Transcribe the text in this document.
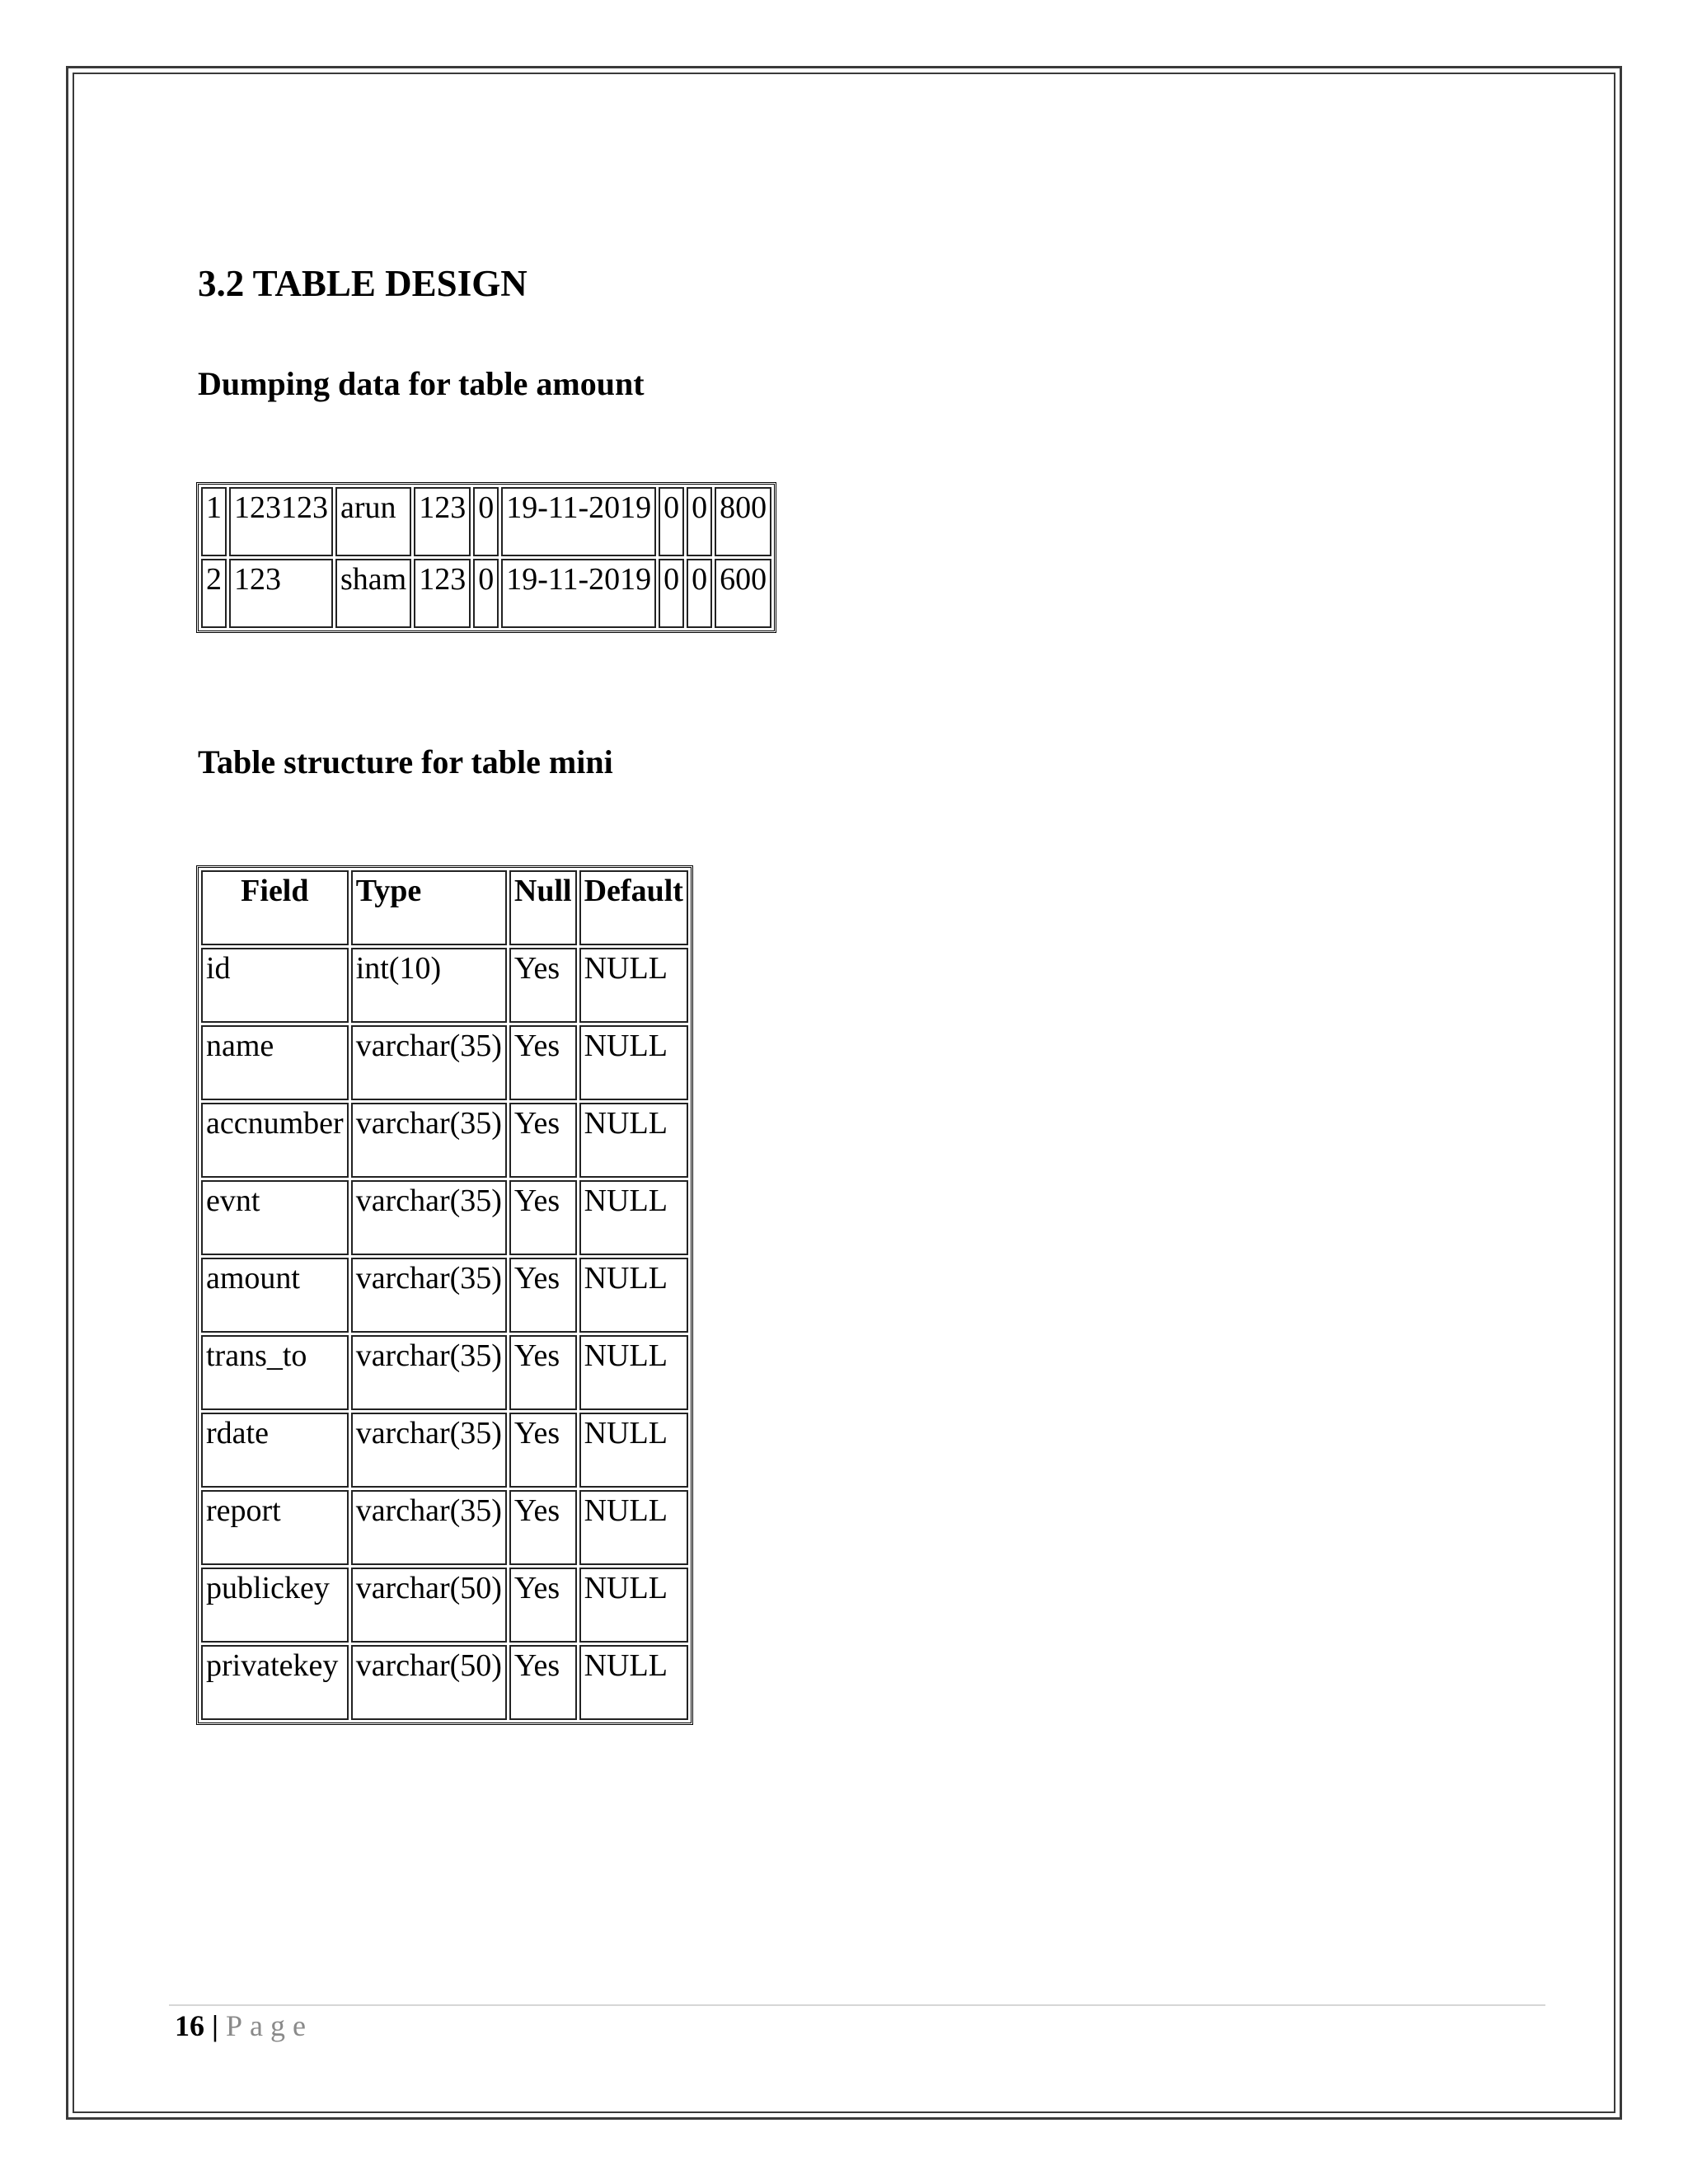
3.2 TABLE DESIGN
Dumping data for table amount
1	123123	arun	123	0	19-11-2019	0	0	800
2	123	sham	123	0	19-11-2019	0	0	600
Table structure for table mini
Field	Type	Null	Default
id	int(10)	Yes	NULL
name	varchar(35)	Yes	NULL
accnumber	varchar(35)	Yes	NULL
evnt	varchar(35)	Yes	NULL
amount	varchar(35)	Yes	NULL
trans_to	varchar(35)	Yes	NULL
rdate	varchar(35)	Yes	NULL
report	varchar(35)	Yes	NULL
publickey	varchar(50)	Yes	NULL
privatekey	varchar(50)	Yes	NULL
16 | Page
